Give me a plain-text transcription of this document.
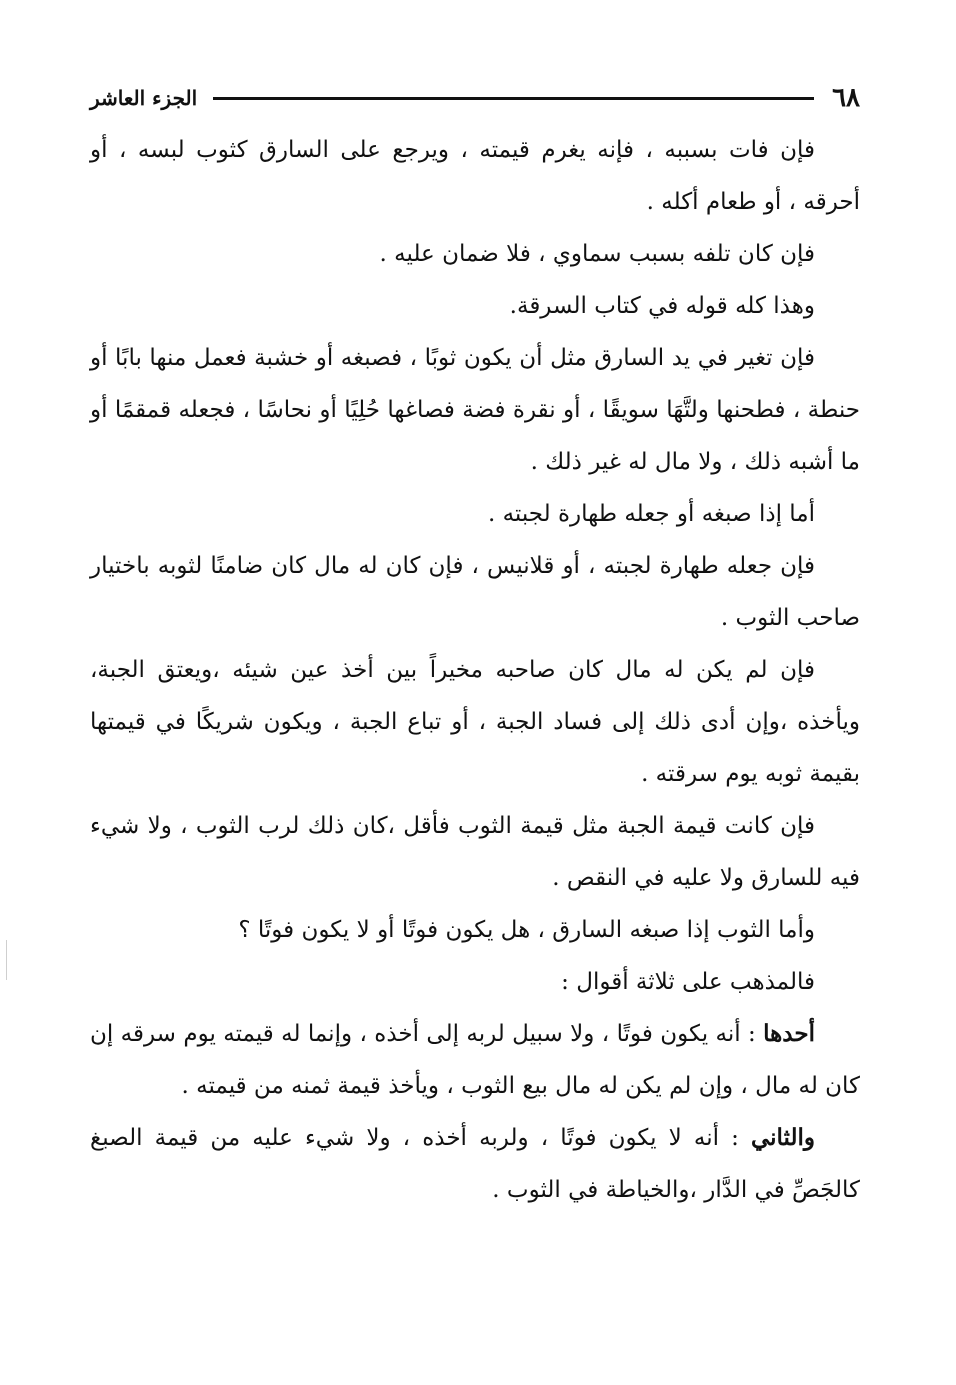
٦٨
الجزء العاشر

فإن فات بسببه ، فإنه يغرم قيمته ، ويرجع على السارق كثوب لبسه ، أو أحرقه ، أو طعام أكله .

فإن كان تلفه بسبب سماوي ، فلا ضمان عليه .

وهذا كله قوله في كتاب السرقة.

فإن تغير في يد السارق مثل أن يكون ثوبًا ، فصبغه أو خشبة فعمل منها بابًا أو حنطة ، فطحنها ولتَّهَا سويقًا ، أو نقرة فضة فصاغها حُلِيًا أو نحاسًا ، فجعله قمقمًا أو ما أشبه ذلك ، ولا مال له غير ذلك .

أما إذا صبغه أو جعله طهارة لجبته .

فإن جعله طهارة لجبته ، أو قلانيس ، فإن كان له مال كان ضامنًا لثوبه باختيار صاحب الثوب .

فإن لم يكن له مال كان صاحبه مخيراً بين أخذ عين شيئه ،ويعتق الجبة، ويأخذه ،وإن أدى ذلك إلى فساد الجبة ، أو تباع الجبة ، ويكون شريكًا في قيمتها بقيمة ثوبه يوم سرقته .

فإن كانت قيمة الجبة مثل قيمة الثوب فأقل ،كان ذلك لرب الثوب ، ولا شيء فيه للسارق ولا عليه في النقص .

وأما الثوب إذا صبغه السارق ، هل يكون فوتًا أو لا يكون فوتًا ؟

فالمذهب على ثلاثة أقوال :

أحدها : أنه يكون فوتًا ، ولا سبيل لربه إلى أخذه ، وإنما له قيمته يوم سرقه إن كان له مال ، وإن لم يكن له مال بيع الثوب ، ويأخذ قيمة ثمنه من قيمته .

والثاني : أنه لا يكون فوتًا ، ولربه أخذه ، ولا شيء عليه من قيمة الصبغ كالجَصِّ في الدَّار ،والخياطة في الثوب .
